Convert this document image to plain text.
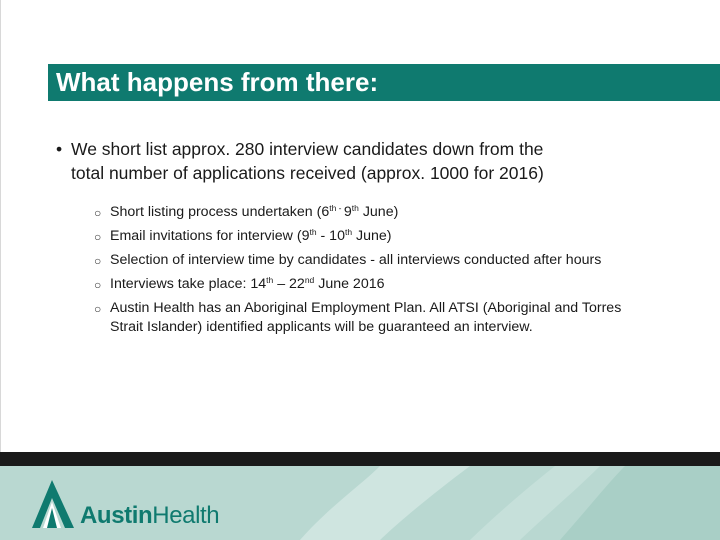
What happens from there:
• We short list approx. 280 interview candidates down from the
total number of applications received (approx. 1000 for 2016)
○ Short listing process undertaken ($6^{th -}$ 9th June)
○ Email invitations for interview (9th - 10th June)
○ Selection of interview time by candidates - all interviews conducted after hours
○ Interviews take place: 14th – 22nd June 2016
○ Austin Health has an Aboriginal Employment Plan. All ATSI (Aboriginal and Torres Strait Islander) identified applicants will be guaranteed an interview.
AustinHealth
